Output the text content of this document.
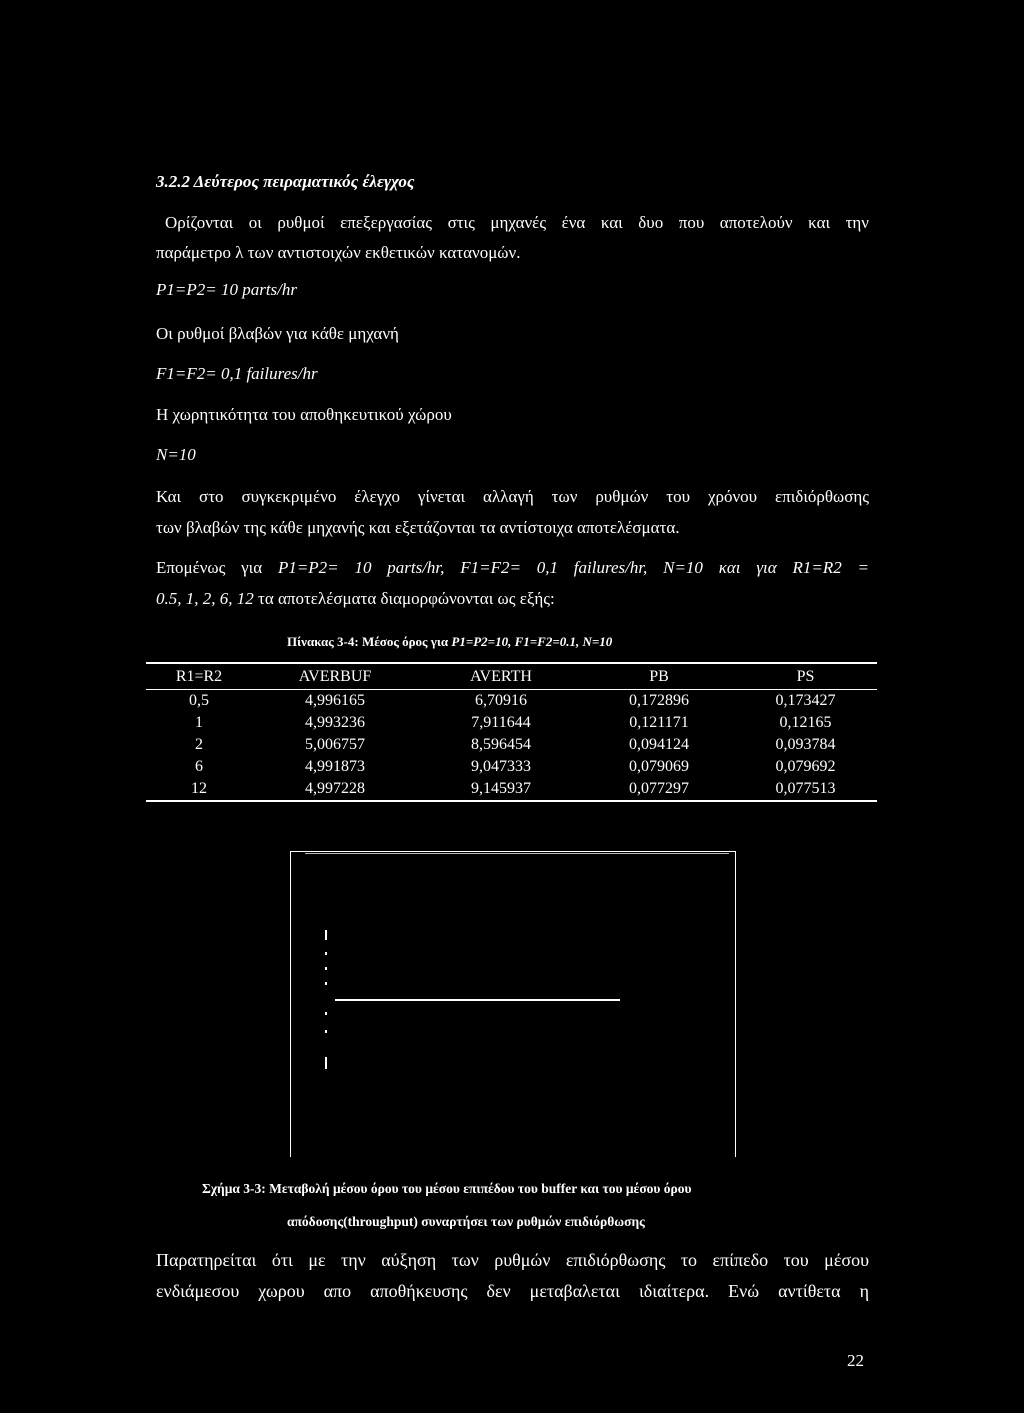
3.2.2 Δεύτερος πειραματικός έλεγχος
Ορίζονται οι ρυθμοί επεξεργασίας στις μηχανές ένα και δυο που αποτελούν και την
παράμετρο λ των αντιστοιχών εκθετικών κατανομών.
P1=P2= 10 parts/hr
Οι ρυθμοί βλαβών για κάθε μηχανή
F1=F2= 0,1 failures/hr
Η χωρητικότητα του αποθηκευτικού χώρου
N=10
Και στο συγκεκριμένο έλεγχο γίνεται αλλαγή των ρυθμών του χρόνου επιδιόρθωσης
των βλαβών της κάθε μηχανής και εξετάζονται τα αντίστοιχα αποτελέσματα.
Επομένως για P1=P2= 10 parts/hr, F1=F2= 0,1 failures/hr, N=10 και για R1=R2 =
0.5, 1, 2, 6, 12 τα αποτελέσματα διαμορφώνονται ως εξής:
Πίνακας 3-4: Μέσος όρος για P1=P2=10, F1=F2=0.1, N=10
R1=R2	AVERBUF	AVERTH	PB	PS
0,5	4,996165	6,70916	0,172896	0,173427
1	4,993236	7,911644	0,121171	0,12165
2	5,006757	8,596454	0,094124	0,093784
6	4,991873	9,047333	0,079069	0,079692
12	4,997228	9,145937	0,077297	0,077513
Σχήμα 3-3: Μεταβολή μέσου όρου του μέσου επιπέδου του buffer και του μέσου όρου
απόδοσης(throughput) συναρτήσει των ρυθμών επιδιόρθωσης
Παρατηρείται ότι με την αύξηση των ρυθμών επιδιόρθωσης το επίπεδο του μέσου
ενδιάμεσου χωρου απο αποθήκευσης δεν μεταβαλεται ιδιαίτερα. Ενώ αντίθετα η
22
